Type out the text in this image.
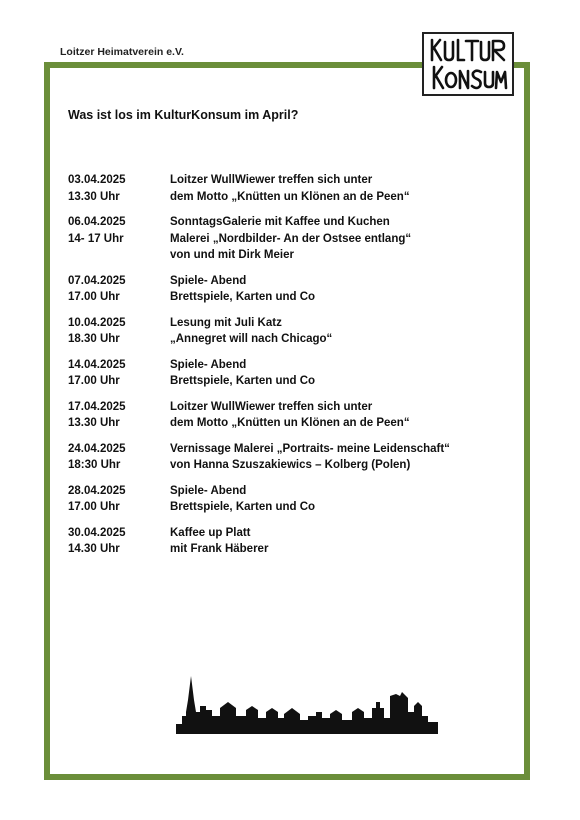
Loitzer Heimatverein e.V.
Was ist los im KulturKonsum im April?
03.04.2025
13.30 Uhr
Loitzer WullWiewer treffen sich unter
dem Motto „Knütten un Klönen an de Peen“
06.04.2025
14- 17 Uhr
SonntagsGalerie mit Kaffee und Kuchen
Malerei „Nordbilder- An der Ostsee entlang“
von und mit Dirk Meier
07.04.2025
17.00 Uhr
Spiele- Abend
Brettspiele, Karten und Co
10.04.2025
18.30 Uhr
Lesung mit Juli Katz
„Annegret will nach Chicago“
14.04.2025
17.00 Uhr
Spiele- Abend
Brettspiele, Karten und Co
17.04.2025
13.30 Uhr
Loitzer WullWiewer treffen sich unter
dem Motto „Knütten un Klönen an de Peen“
24.04.2025
18:30 Uhr
Vernissage Malerei „Portraits- meine Leidenschaft“
von Hanna Szuszakiewics – Kolberg (Polen)
28.04.2025
17.00 Uhr
Spiele- Abend
Brettspiele, Karten und Co
30.04.2025
14.30 Uhr
Kaffee up Platt
mit Frank Häberer
